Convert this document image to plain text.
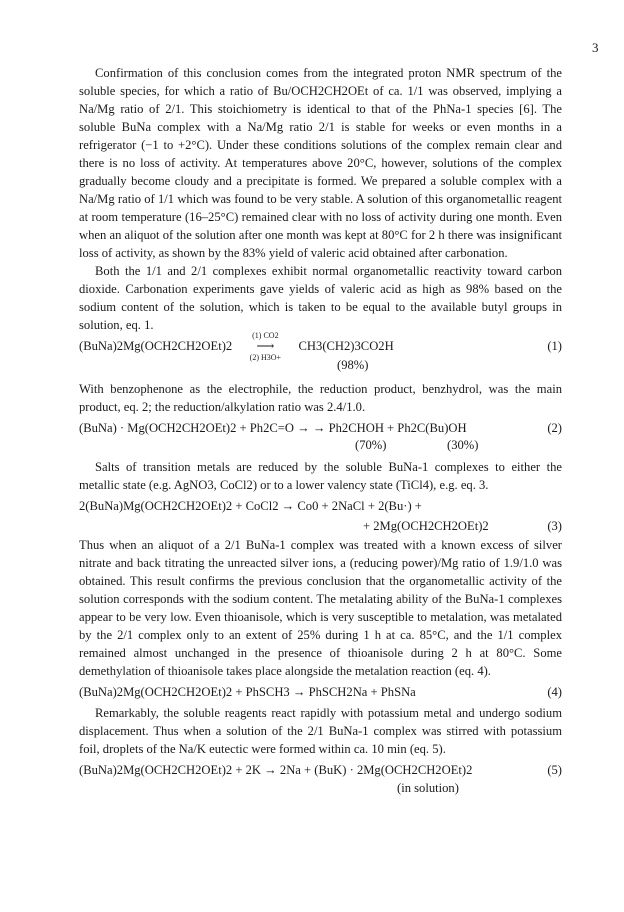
3

Confirmation of this conclusion comes from the integrated proton NMR spectrum of the soluble species, for which a ratio of Bu/OCH2CH2OEt of ca. 1/1 was observed, implying a Na/Mg ratio of 2/1. This stoichiometry is identical to that of the PhNa-1 species [6]. The soluble BuNa complex with a Na/Mg ratio 2/1 is stable for weeks or even months in a refrigerator (−1 to +2°C). Under these conditions solutions of the complex remain clear and there is no loss of activity. At temperatures above 20°C, however, solutions of the complex gradually become cloudy and a precipitate is formed. We prepared a soluble complex with a Na/Mg ratio of 1/1 which was found to be very stable. A solution of this organometallic reagent at room temperature (16–25°C) remained clear with no loss of activity during one month. Even when an aliquot of the solution after one month was kept at 80°C for 2 h there was insignificant loss of activity, as shown by the 83% yield of valeric acid obtained after carbonation.

Both the 1/1 and 2/1 complexes exhibit normal organometallic reactivity toward carbon dioxide. Carbonation experiments gave yields of valeric acid as high as 98% based on the sodium content of the solution, which is taken to be equal to the available butyl groups in solution, eq. 1.

(BuNa)2Mg(OCH2CH2OEt)2
(1) CO2
⟶
(2) H3O+
CH3(CH2)3CO2H
(98%)
(1)

With benzophenone as the electrophile, the reduction product, benzhydrol, was the main product, eq. 2; the reduction/alkylation ratio was 2.4/1.0.

(BuNa) · Mg(OCH2CH2OEt)2 + Ph2C=O → → Ph2CHOH + Ph2C(Bu)OH
(70%)	(30%)
(2)

Salts of transition metals are reduced by the soluble BuNa-1 complexes to either the metallic state (e.g. AgNO3, CoCl2) or to a lower valency state (TiCl4), e.g. eq. 3.

2(BuNa)Mg(OCH2CH2OEt)2 + CoCl2 → Co0 + 2NaCl + 2(Bu·) +
+ 2Mg(OCH2CH2OEt)2	(3)

Thus when an aliquot of a 2/1 BuNa-1 complex was treated with a known excess of silver nitrate and back titrating the unreacted silver ions, a (reducing power)/Mg ratio of 1.9/1.0 was obtained. This result confirms the previous conclusion that the organometallic activity of the solution corresponds with the sodium content. The metalating ability of the BuNa-1 complexes appear to be very low. Even thioanisole, which is very susceptible to metalation, was metalated by the 2/1 complex only to an extent of 25% during 1 h at ca. 85°C, and the 1/1 complex remained almost unchanged in the presence of thioanisole during 2 h at 80°C. Some demethylation of thioanisole takes place alongside the metalation reaction (eq. 4).

(BuNa)2Mg(OCH2CH2OEt)2 + PhSCH3 → PhSCH2Na + PhSNa	(4)

Remarkably, the soluble reagents react rapidly with potassium metal and undergo sodium displacement. Thus when a solution of the 2/1 BuNa-1 complex was stirred with potassium foil, droplets of the Na/K eutectic were formed within ca. 10 min (eq. 5).

(BuNa)2Mg(OCH2CH2OEt)2 + 2K → 2Na + (BuK) · 2Mg(OCH2CH2OEt)2
(in solution)
(5)
